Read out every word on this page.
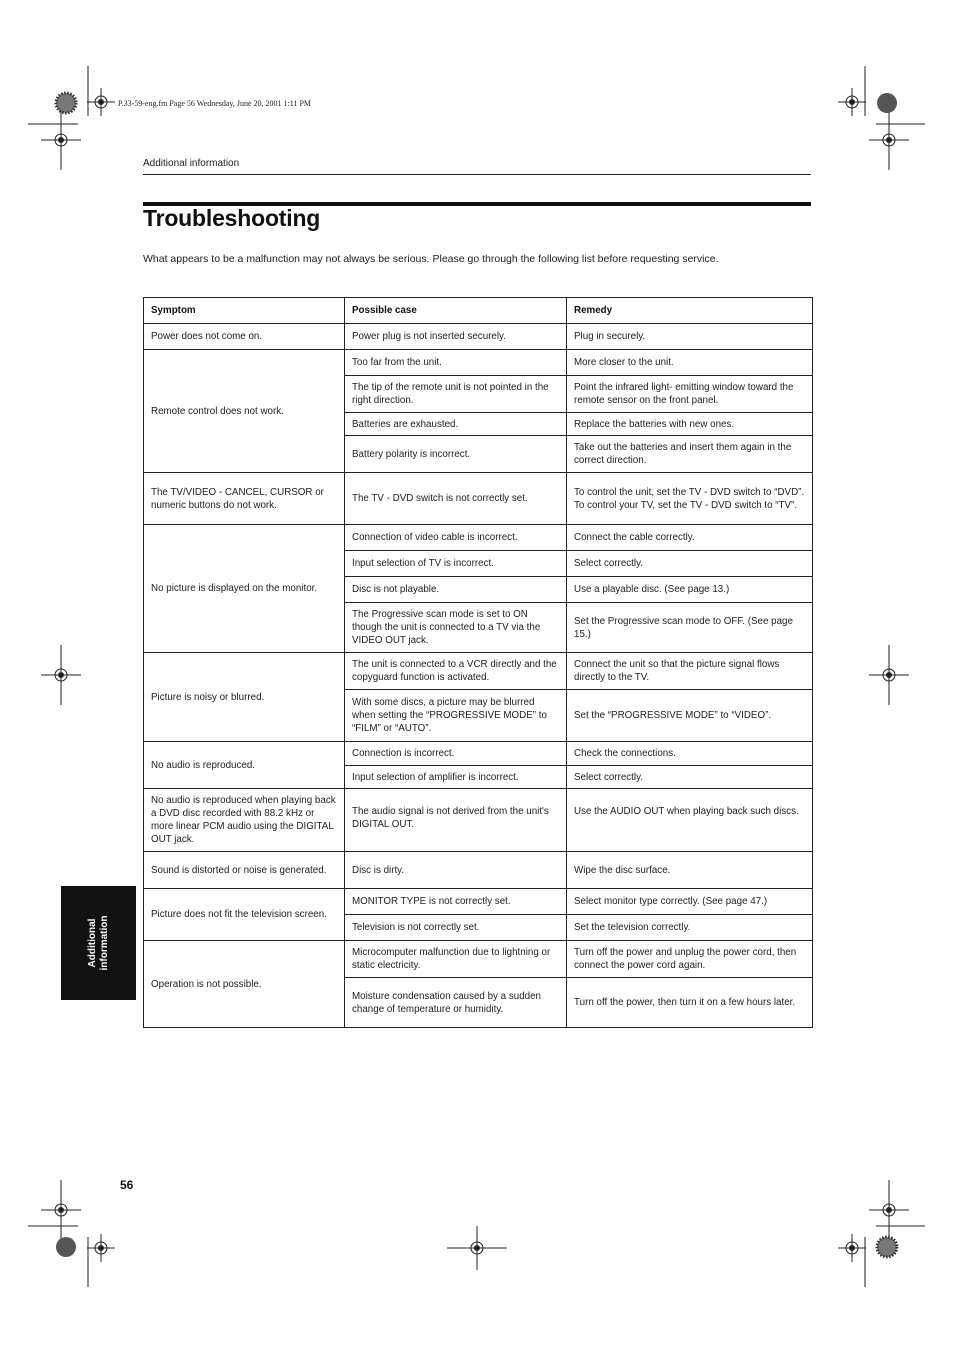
P.33-59-eng.fm Page 56 Wednesday, June 20, 2001 1:11 PM
Additional information
Troubleshooting

What appears to be a malfunction may not always be serious. Please go through the following list before requesting service.

Symptom	Possible case	Remedy
Power does not come on.	Power plug is not inserted securely.	Plug in securely.
Remote control does not work.	Too far from the unit.	More closer to the unit.
	The tip of the remote unit is not pointed in the right direction.	Point the infrared light- emitting window toward the remote sensor on the front panel.
	Batteries are exhausted.	Replace the batteries with new ones.
	Battery polarity is incorrect.	Take out the batteries and insert them again in the correct direction.
The TV/VIDEO - CANCEL, CURSOR or numeric buttons do not work.	The TV - DVD switch is not correctly set.	To control the unit, set the TV - DVD switch to “DVD”. To control your TV, set the TV - DVD switch to “TV”.
No picture is displayed on the monitor.	Connection of video cable is incorrect.	Connect the cable correctly.
	Input selection of TV is incorrect.	Select correctly.
	Disc is not playable.	Use a playable disc. (See page 13.)
	The Progressive scan mode is set to ON though the unit is connected to a TV via the VIDEO OUT jack.	Set the Progressive scan mode to OFF. (See page 15.)
Picture is noisy or blurred.	The unit is connected to a VCR directly and the copyguard function is activated.	Connect the unit so that the picture signal flows directly to the TV.
	With some discs, a picture may be blurred when setting the “PROGRESSIVE MODE” to “FILM” or “AUTO”.	Set the “PROGRESSIVE MODE” to “VIDEO”.
No audio is reproduced.	Connection is incorrect.	Check the connections.
	Input selection of amplifier is incorrect.	Select correctly.
No audio is reproduced when playing back a DVD disc recorded with 88.2 kHz or more linear PCM audio using the DIGITAL OUT jack.	The audio signal is not derived from the unit's DIGITAL OUT.	Use the AUDIO OUT when playing back such discs.
Sound is distorted or noise is generated.	Disc is dirty.	Wipe the disc surface.
Picture does not fit the television screen.	MONITOR TYPE is not correctly set.	Select monitor type correctly. (See page 47.)
	Television is not correctly set.	Set the television correctly.
Operation is not possible.	Microcomputer malfunction due to lightning or static electricity.	Turn off the power and unplug the power cord, then connect the power cord again.
	Moisture condensation caused by a sudden change of temperature or humidity.	Turn off the power, then turn it on a few hours later.
Additional information
56
